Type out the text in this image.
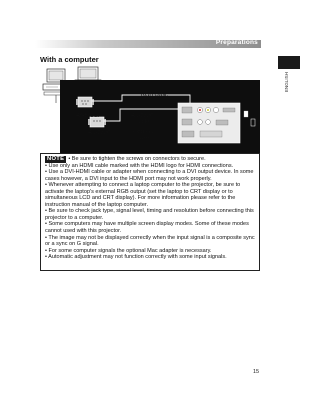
Preparations
ENGLISH
With a computer
RGB cable
RGB Out	RS-232C
cable
(optional
use)
RS-232C

NOTE • Be sure to tighten the screws on connectors to secure.

• Use only an HDMI cable marked with the HDMI logo for HDMI connections.

• Use a DVI-HDMI cable or adapter when connecting to a DVI output device. In some cases however, a DVI input to the HDMI port may not work properly.

• Whenever attempting to connect a laptop computer to the projector, be sure to activate the laptop's external RGB output (set the laptop to CRT display or to simultaneous LCD and CRT display). For more information please refer to the instruction manual of the laptop computer.

• Be sure to check jack type, signal level, timing and resolution before connecting this projector to a computer.

• Some computers may have multiple screen display modes. Some of these modes cannot used with this projector.

• The image may not be displayed correctly when the input signal is a composite sync or a sync on G signal.

• For some computer signals the optional Mac adapter is necessary.

• Automatic adjustment may not function correctly with some input signals.

15
